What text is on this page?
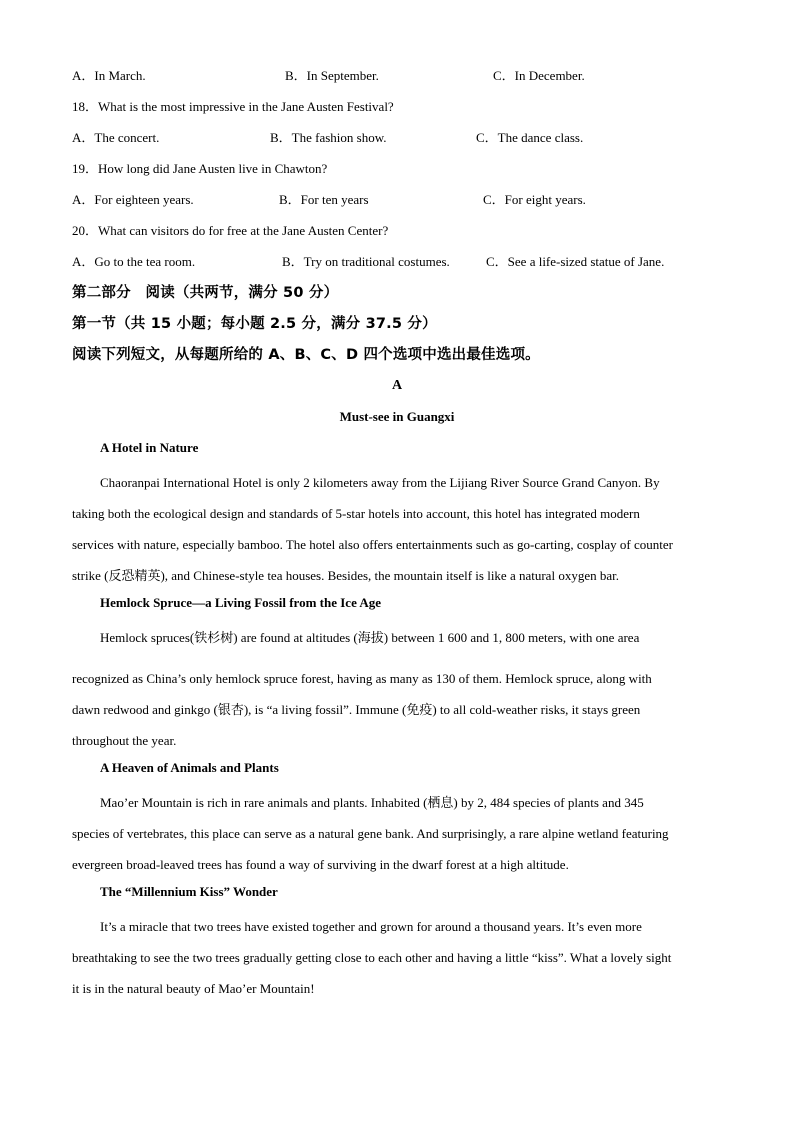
A．In March.	B．In September.	C．In December.
18．What is the most impressive in the Jane Austen Festival?
A．The concert.	B．The fashion show.	C．The dance class.
19．How long did Jane Austen live in Chawton?
A．For eighteen years.	B．For ten years	C．For eight years.
20．What can visitors do for free at the Jane Austen Center?
A．Go to the tea room.	B．Try on traditional costumes.	C．See a life-sized statue of Jane.
第二部分　阅读（共两节，满分 50 分）
第一节（共 15 小题；每小题 2.5 分，满分 37.5 分）
阅读下列短文，从每题所给的 A、B、C、D 四个选项中选出最佳选项。
A
Must-see in Guangxi
A Hotel in Nature
Chaoranpai International Hotel is only 2 kilometers away from the Lijiang River Source Grand Canyon. By
taking both the ecological design and standards of 5-star hotels into account, this hotel has integrated modern
services with nature, especially bamboo. The hotel also offers entertainments such as go-carting, cosplay of counter
strike (反恐精英), and Chinese-style tea houses. Besides, the mountain itself is like a natural oxygen bar.
Hemlock Spruce—a Living Fossil from the Ice Age
Hemlock spruces(铁杉树) are found at altitudes (海拔) between 1 600 and 1, 800 meters, with one area
recognized as China’s only hemlock spruce forest, having as many as 130 of them. Hemlock spruce, along with
dawn redwood and ginkgo (银杏), is “a living fossil”. Immune (免疫) to all cold-weather risks, it stays green
throughout the year.
A Heaven of Animals and Plants
Mao’er Mountain is rich in rare animals and plants. Inhabited (栖息) by 2, 484 species of plants and 345
species of vertebrates, this place can serve as a natural gene bank. And surprisingly, a rare alpine wetland featuring
evergreen broad-leaved trees has found a way of surviving in the dwarf forest at a high altitude.
The “Millennium Kiss” Wonder
It’s a miracle that two trees have existed together and grown for around a thousand years. It’s even more
breathtaking to see the two trees gradually getting close to each other and having a little “kiss”. What a lovely sight
it is in the natural beauty of Mao’er Mountain!
